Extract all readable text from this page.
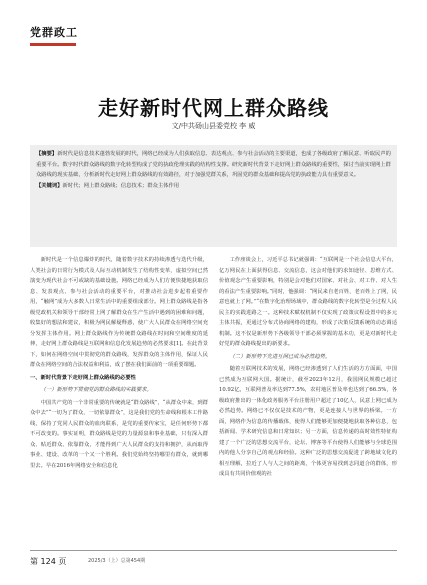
党群政工
走好新时代网上群众路线
文/中共砀山县委党校 李 威
【摘要】新时代是信息技术蓬勃发展的时代，网络已经成为人们获取信息、表达观点、参与社会活动的主要渠道，也成了各级政府了解民意、听取民声的重要平台。数字时代群众路线的数字化转型构成了党的执政伦理实践的结构性支撑。研究新时代背景下走好网上群众路线的重要性，探讨当前实现网上群众路线的现实基础，分析新时代走好网上群众路线的有效路径，对于加强党群关系，巩固党的群众基础和提高党的执政能力具有重要意义。
【关键词】新时代；网上群众路线；信息技术；群众主体作用

新时代是一个信息爆炸的时代，随着数字技术的持续渗透与迭代升级，人类社会的日常行为模式及人际互动机制发生了结构性变革，虚拟空间已然演变为现代社会不可或缺的基础设施。网络已经成为人们方便快捷地获取信息、发表观点、参与社会活动的重要平台，对推动社会进步起着重要作用，“触网”成为大多数人日常生活中的重要组成部分。网上群众路线是指各级党政机关和领导干部经常上网了解群众在生产生活中遇到的困难和问题，收集好的想法和建议，积极为网民解疑释惑，使广大人民群众在网络空间充分发挥主体作用。网上群众路线作为传统群众路线在时间和空间维度的延伸，走好网上群众路线是互联网和信息化发展趋势的必然要求[1]。在此背景下，如何在网络空间中贯彻党的群众路线，发挥群众的主体作用，保证人民群众在网络空间的合法权益和利益，成了摆在我们面前的一项重要课题。

一、新时代背景下走好网上群众路线的必要性

（一）新形势下贯彻党的群众路线的实践要求。

中国共产党的一个非常重要的传统就是“群众路线”，“从群众中来，到群众中去”“一切为了群众，一切依靠群众”，这是我们党的生命线和根本工作路线，保持了党同人民群众的血肉联系，是党的重要传家宝，是任何形势下都不可改变的。事实证明，群众路线是党的力量源泉和事业基础，只有深入群众、贴近群众、依靠群众，才能得到广大人民群众的支持和拥护，从而取得事业、建设、改革的一个又一个胜利。我们党始终坚持哪里有群众，就到哪里去。早在2016年网络安全和信息化

工作座谈会上，习近平总书记就强调：“互联网是一个社会信息大平台，亿万网民在上面获得信息、交流信息，这会对他们的求知途径、思维方式、价值观念产生重要影响，特别是会对他们对国家、对社会、对工作、对人生的看法产生重要影响。”同时，他强调：“网民来自老百姓，老百姓上了网，民意也就上了网。”“在数字化治理场域中，群众路线的数字化转型是全过程人民民主的实践进路之一。这种技术赋权机制不仅实现了政策议程设置中的多元主体共振，更通过分布式协商网络的建构，形成了决策反馈系统的动态调适机制。这不仅是新形势下各级领导干部必须掌握的基本功，更是对新时代走好党的群众路线提出的新要求。

（二）新形势下先进互网已成为必然趋势。

随着互联网技术的发展，网络已经渗透到了人们生活的方方面面，中国已然成为互联网大国。据统计，截至2023年12月，我国网民规模已超过10.92亿，互联网普及率达到77.5%，农村地区普及率也达到了66.5%，各级政府推出的一体化政务服务平台注册用户超过了10亿人，民意上网已成为必然趋势。网络已不仅仅是技术的产物，更是连接人与世界的桥梁。一方面，网络作为信息的传播载体，使得人们能够更加便捷地获取各种信息，包括新闻、学术研究信息和日常知识；另一方面，信息传递的高时效性特征构建了一个广泛的思想交流平台，论坛、博客等平台使得人们能够与全球范围内的他人分享自己的观点和经验。这种广泛的思想交流促进了跨地域文化的相互理解，拉近了人与人之间的距离，个体更容易找到志同道合的群体，形成具有共同价值观的社

第 124 页	2025/3（上）总第454期
